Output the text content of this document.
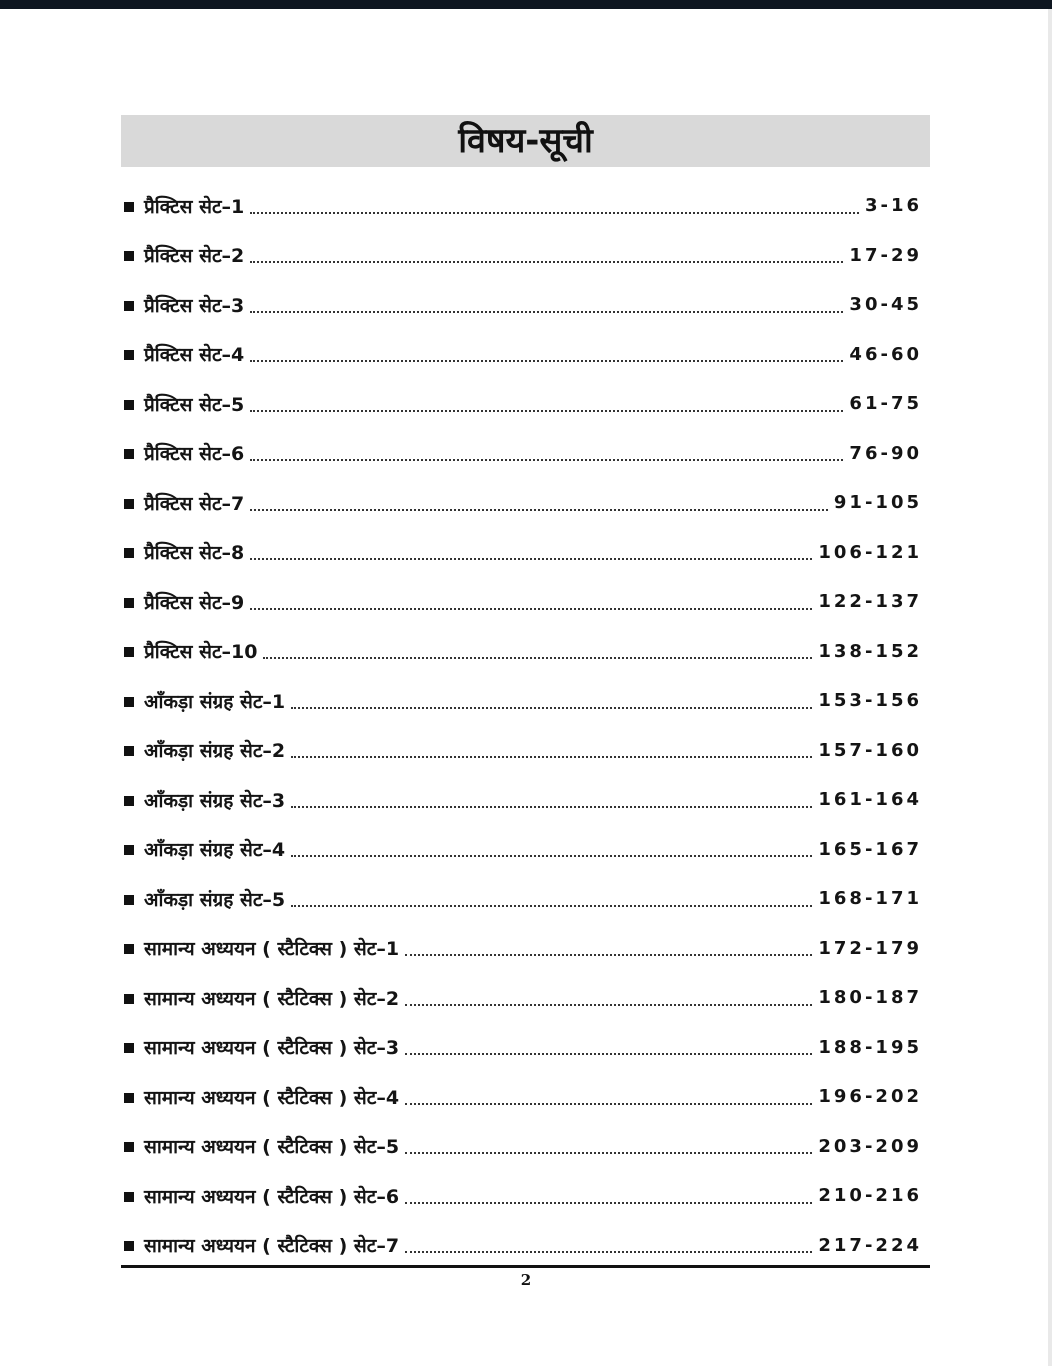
विषय-सूची
प्रैक्टिस सेट–1	3-16
प्रैक्टिस सेट–2	17-29
प्रैक्टिस सेट–3	30-45
प्रैक्टिस सेट–4	46-60
प्रैक्टिस सेट–5	61-75
प्रैक्टिस सेट–6	76-90
प्रैक्टिस सेट–7	91-105
प्रैक्टिस सेट–8	106-121
प्रैक्टिस सेट–9	122-137
प्रैक्टिस सेट–10	138-152
आँकड़ा संग्रह सेट–1	153-156
आँकड़ा संग्रह सेट–2	157-160
आँकड़ा संग्रह सेट–3	161-164
आँकड़ा संग्रह सेट–4	165-167
आँकड़ा संग्रह सेट–5	168-171
सामान्य अध्ययन ( स्टैटिक्स ) सेट–1	172-179
सामान्य अध्ययन ( स्टैटिक्स ) सेट–2	180-187
सामान्य अध्ययन ( स्टैटिक्स ) सेट–3	188-195
सामान्य अध्ययन ( स्टैटिक्स ) सेट–4	196-202
सामान्य अध्ययन ( स्टैटिक्स ) सेट–5	203-209
सामान्य अध्ययन ( स्टैटिक्स ) सेट–6	210-216
सामान्य अध्ययन ( स्टैटिक्स ) सेट–7	217-224
2
